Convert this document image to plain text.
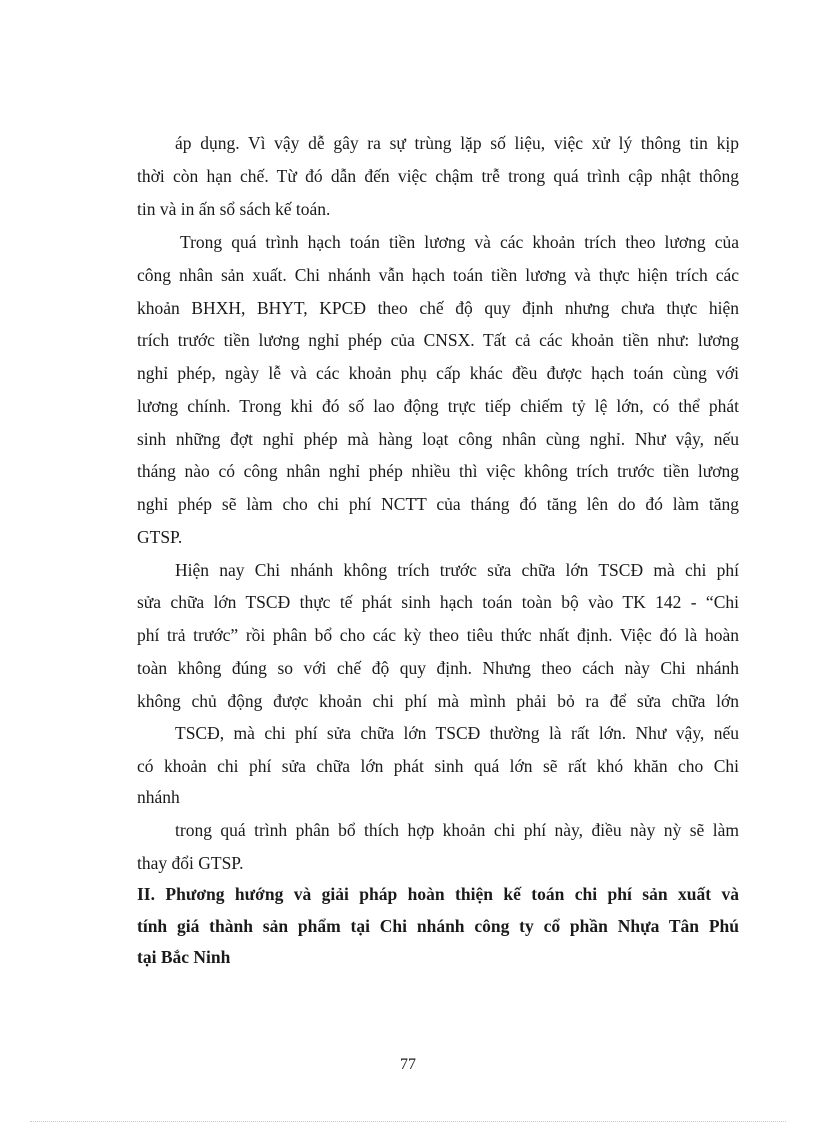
áp dụng. Vì vậy dễ gây ra sự trùng lặp số liệu, việc xử lý thông tin kịp
thời còn hạn chế. Từ đó dẫn đến việc chậm trễ trong quá trình cập nhật thông
tin và in ấn sổ sách kế toán.
Trong quá trình hạch toán tiền lương và các khoản trích theo lương của
công nhân sản xuất. Chi nhánh vẫn hạch toán tiền lương và thực hiện trích các
khoản BHXH, BHYT, KPCĐ theo chế độ quy định nhưng chưa thực hiện
trích trước tiền lương nghỉ phép của CNSX. Tất cả các khoản tiền như: lương
nghỉ phép, ngày lễ và các khoản phụ cấp khác đều được hạch toán cùng với
lương chính. Trong khi đó số lao động trực tiếp chiếm tỷ lệ lớn, có thể phát
sinh những đợt nghỉ phép mà hàng loạt công nhân cùng nghỉ. Như vậy, nếu
tháng nào có công nhân nghỉ phép nhiều thì việc không trích trước tiền lương
nghỉ phép sẽ làm cho chi phí NCTT của tháng đó tăng lên do đó làm tăng
GTSP.
Hiện nay Chi nhánh không trích trước sửa chữa lớn TSCĐ mà chi phí
sửa chữa lớn TSCĐ thực tế phát sinh hạch toán toàn bộ vào TK 142 - “Chi
phí trả trước” rồi phân bổ cho các kỳ theo tiêu thức nhất định. Việc đó là hoàn
toàn không đúng so với chế độ quy định. Nhưng theo cách này Chi nhánh
không chủ động được khoản chi phí mà mình phải bỏ ra để sửa chữa lớn
TSCĐ, mà chi phí sửa chữa lớn TSCĐ thường là rất lớn. Như vậy, nếu
có khoản chi phí sửa chữa lớn phát sinh quá lớn sẽ rất khó khăn cho Chi
nhánh
trong quá trình phân bổ thích hợp khoản chi phí này, điều này nỳ sẽ làm
thay đổi GTSP.
II. Phương hướng và giải pháp hoàn thiện kế toán chi phí sản xuất và
tính giá thành sản phẩm tại Chi nhánh công ty cổ phần Nhựa Tân Phú
tại Bắc Ninh
77
